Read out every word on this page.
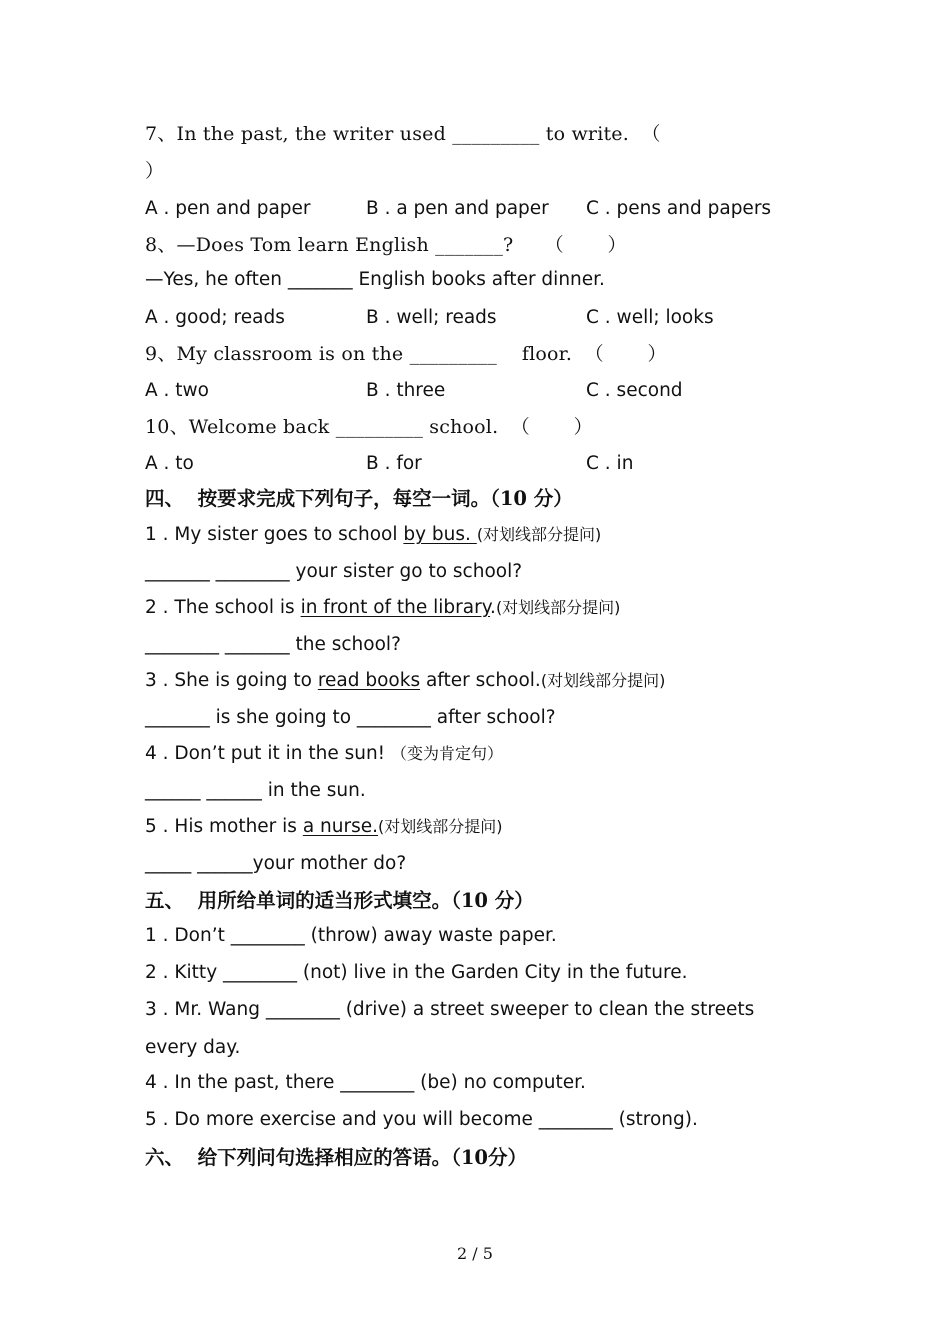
7、In the past, the writer used _________ to write.  （
）
A . pen and paper	B . a pen and paper C . pens and papers
8、—Does Tom learn English _______?     （       ）
—Yes, he often _______ English books after dinner.
A . good; reads	B . well; reads	C . well; looks
9、My classroom is on the _________    floor.  （       ）
A . two	B . three	C . second
10、Welcome back _________ school.  （       ）
A . to	B . for	C . in
四、  按要求完成下列句子，每空一词。（10 分）
1 . My sister goes to school by bus. (对划线部分提问)
_______ ________ your sister go to school?
2 . The school is in front of the library.(对划线部分提问)
________ _______ the school?
3 . She is going to read books after school.(对划线部分提问)
_______ is she going to ________ after school?
4 . Don’t put it in the sun! （变为肯定句）
______ ______ in the sun.
5 . His mother is a nurse.(对划线部分提问)
_____ ______your mother do?
五、  用所给单词的适当形式填空。（10 分）
1 . Don’t ________ (throw) away waste paper.
2 . Kitty ________ (not) live in the Garden City in the future.
3 . Mr. Wang ________ (drive) a street sweeper to clean the streets
every day.
4 . In the past, there ________ (be) no computer.
5 . Do more exercise and you will become ________ (strong).
六、  给下列问句选择相应的答语。（10分）
2 / 5
